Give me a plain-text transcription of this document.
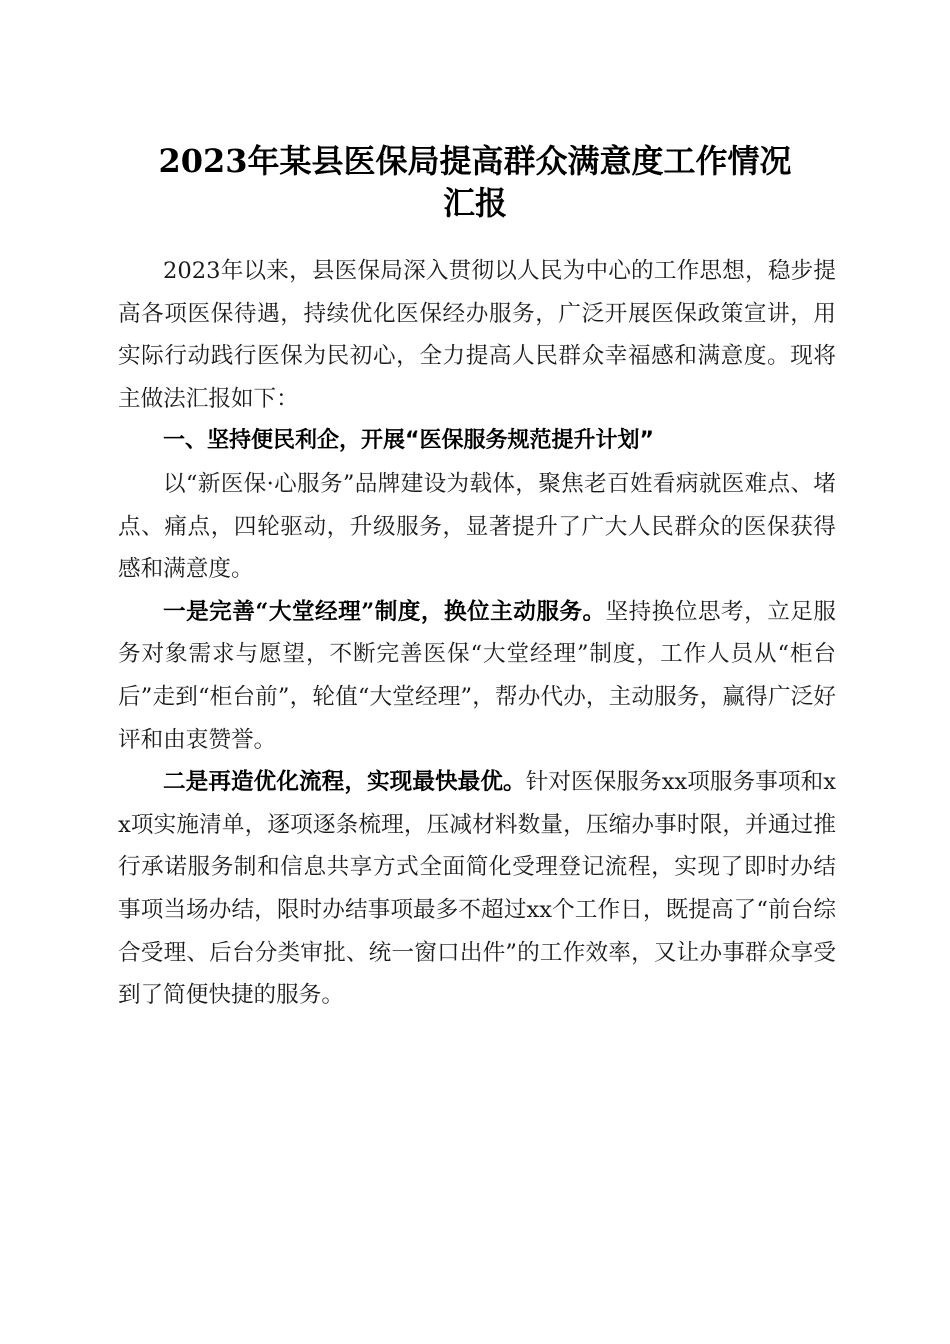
2023年某县医保局提高群众满意度工作情况
汇报

2023年以来，县医保局深入贯彻以人民为中心的工作思想，稳步提高各项医保待遇，持续优化医保经办服务，广泛开展医保政策宣讲，用实际行动践行医保为民初心，全力提高人民群众幸福感和满意度。现将主做法汇报如下：

一、坚持便民利企，开展“医保服务规范提升计划”

以“新医保·心服务”品牌建设为载体，聚焦老百姓看病就医难点、堵点、痛点，四轮驱动，升级服务，显著提升了广大人民群众的医保获得感和满意度。

一是完善“大堂经理”制度，换位主动服务。坚持换位思考，立足服务对象需求与愿望，不断完善医保“大堂经理”制度，工作人员从“柜台后”走到“柜台前”，轮值“大堂经理”，帮办代办，主动服务，赢得广泛好评和由衷赞誉。

二是再造优化流程，实现最快最优。针对医保服务xx项服务事项和xx项实施清单，逐项逐条梳理，压减材料数量，压缩办事时限，并通过推行承诺服务制和信息共享方式全面简化受理登记流程，实现了即时办结事项当场办结，限时办结事项最多不超过xx个工作日，既提高了“前台综合受理、后台分类审批、统一窗口出件”的工作效率，又让办事群众享受到了简便快捷的服务。
